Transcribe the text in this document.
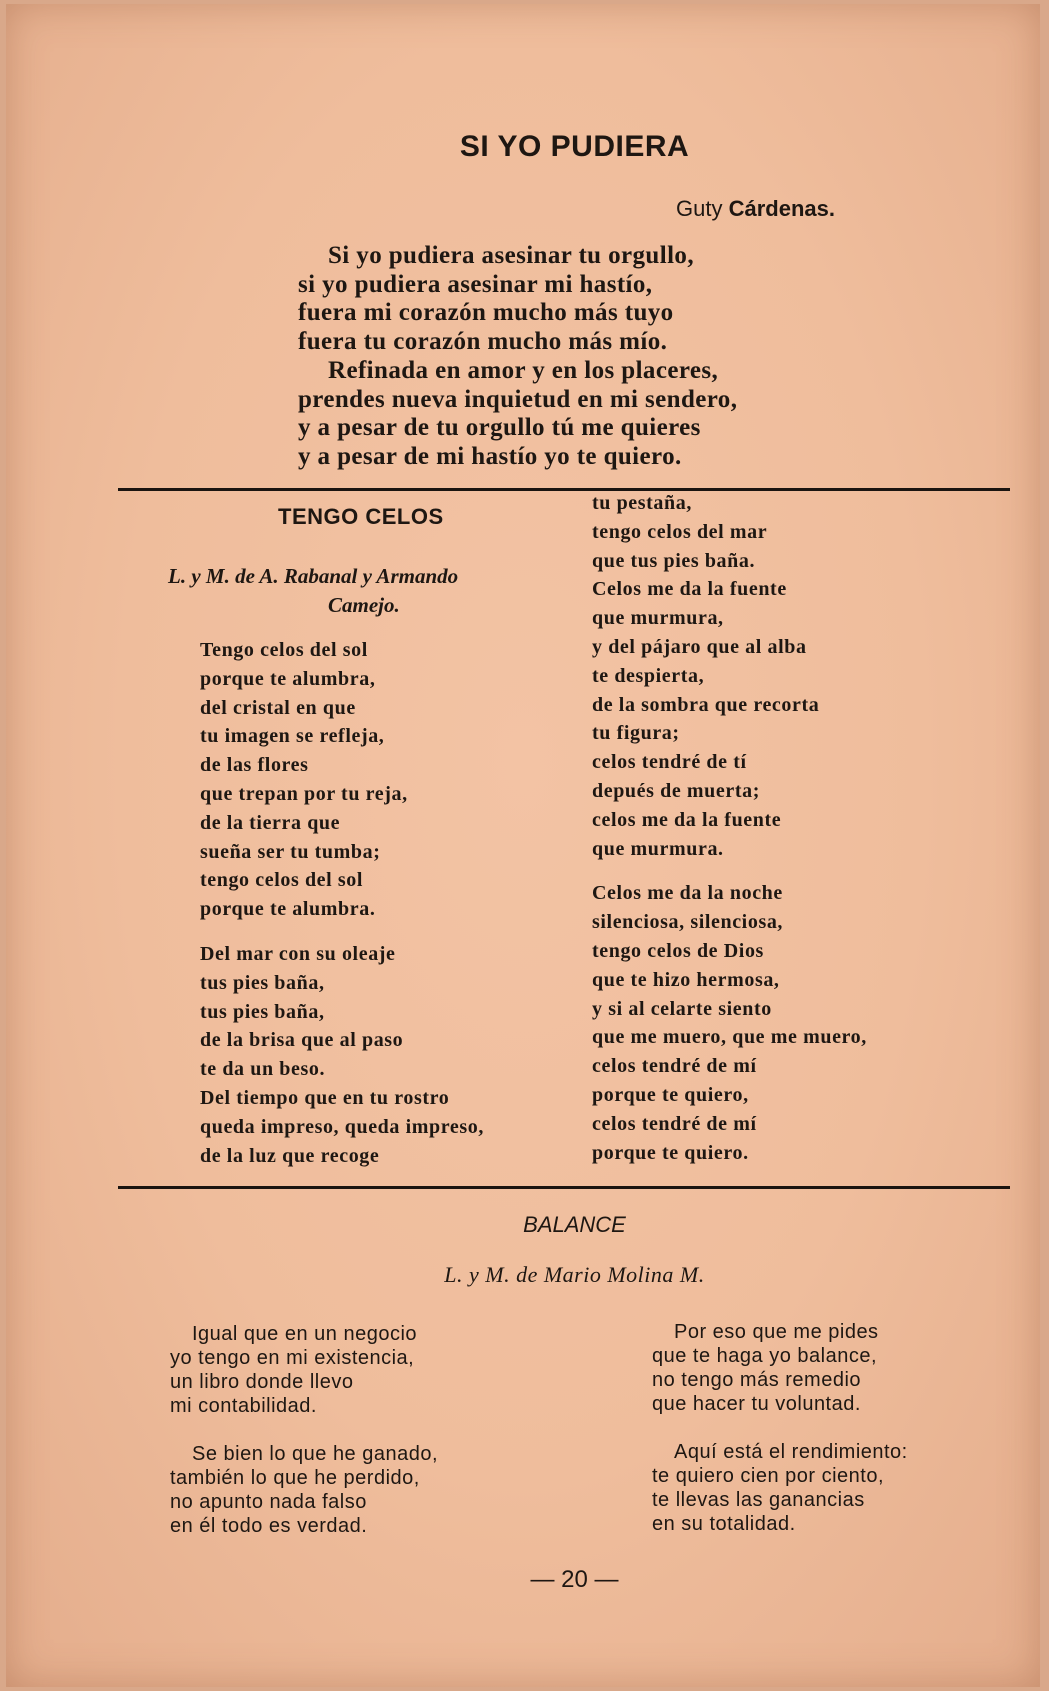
SI YO PUDIERA
Guty Cárdenas.
Si yo pudiera asesinar tu orgullo,
si yo pudiera asesinar mi hastío,
fuera mi corazón mucho más tuyo
fuera tu corazón mucho más mío.
Refinada en amor y en los placeres,
prendes nueva inquietud en mi sendero,
y a pesar de tu orgullo tú me quieres
y a pesar de mi hastío yo te quiero.
TENGO CELOS
L. y M. de A. Rabanal y Armando
Camejo.
Tengo celos del sol
porque te alumbra,
del cristal en que
tu imagen se refleja,
de las flores
que trepan por tu reja,
de la tierra que
sueña ser tu tumba;
tengo celos del sol
porque te alumbra.
Del mar con su oleaje
tus pies baña,
tus pies baña,
de la brisa que al paso
te da un beso.
Del tiempo que en tu rostro
queda impreso, queda impreso,
de la luz que recoge
tu pestaña,
tengo celos del mar
que tus pies baña.
Celos me da la fuente
que murmura,
y del pájaro que al alba
te despierta,
de la sombra que recorta
tu figura;
celos tendré de tí
depués de muerta;
celos me da la fuente
que murmura.
Celos me da la noche
silenciosa, silenciosa,
tengo celos de Dios
que te hizo hermosa,
y si al celarte siento
que me muero, que me muero,
celos tendré de mí
porque te quiero,
celos tendré de mí
porque te quiero.
BALANCE
L. y M. de Mario Molina M.
Igual que en un negocio
yo tengo en mi existencia,
un libro donde llevo
mi contabilidad.
Se bien lo que he ganado,
también lo que he perdido,
no apunto nada falso
en él todo es verdad.
Por eso que me pides
que te haga yo balance,
no tengo más remedio
que hacer tu voluntad.
Aquí está el rendimiento:
te quiero cien por ciento,
te llevas las ganancias
en su totalidad.
— 20 —
